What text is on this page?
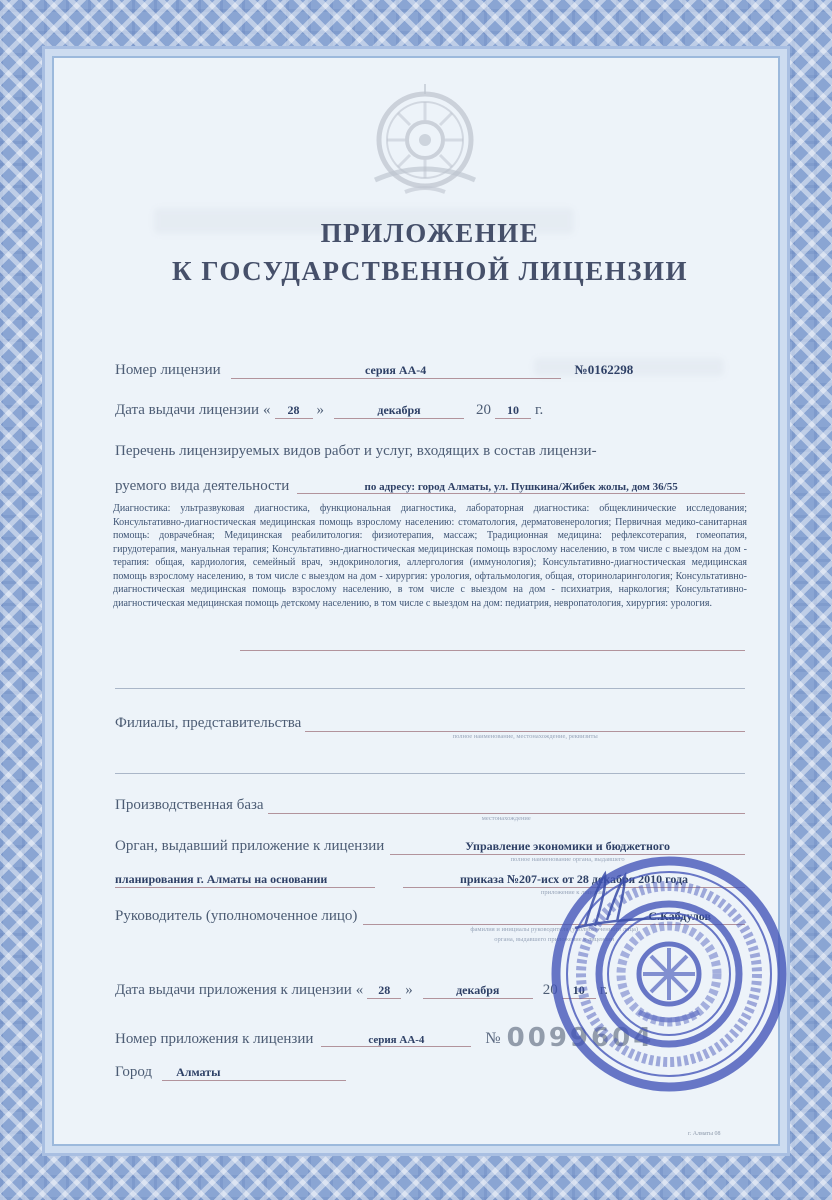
ПРИЛОЖЕНИЕ
К ГОСУДАРСТВЕННОЙ ЛИЦЕНЗИИ
Номер лицензии	серия АА-4	№0162298
Дата выдачи лицензии «	28	»	декабря	20	10	г.
Перечень лицензируемых видов работ и услуг, входящих в состав лицензи-
руемого вида деятельности	по адресу: город Алматы, ул. Пушкина/Жибек жолы, дом 36/55
Диагностика: ультразвуковая диагностика, функциональная диагностика, лабораторная диагностика: общеклинические исследования; Консультативно-диагностическая медицинская помощь взрослому населению: стоматология, дерматовенерология; Первичная медико-санитарная помощь: доврачебная; Медицинская реабилитология: физиотерапия, массаж; Традиционная медицина: рефлексотерапия, гомеопатия, гирудотерапия, мануальная терапия; Консультативно-диагностическая медицинская помощь взрослому населению, в том числе с выездом на дом - терапия: общая, кардиология, семейный врач, эндокринология, аллергология (иммунология); Консультативно-диагностическая медицинская помощь взрослому населению, в том числе с выездом на дом - хирургия: урология, офтальмология, общая, оториноларингология; Консультативно-диагностическая медицинская помощь взрослому населению, в том числе с выездом на дом - психиатрия, наркология; Консультативно-диагностическая медицинская помощь детскому населению, в том числе с выездом на дом: педиатрия, невропатология, хирургия: урология.
Филиалы, представительства

полное наименование, местонахождение, реквизиты
Производственная база

местонахождение
Орган, выдавший приложение к лицензии	Управление экономики и бюджетного
полное наименование органа, выдавшего
планирования г. Алматы на основании	приказа №207-исх от 28 декабря 2010 года
приложение к лицензии
Руководитель (уполномоченное лицо)	С.Кабдулов
фамилия и инициалы руководителя (уполномоченного лица)
органа, выдавшего приложение к лицензии
Дата выдачи приложения к лицензии «	28	»	декабря	20	10	г.
Номер приложения к лицензии	серия АА-4	№ 0099604
Город	Алматы
г. Алматы 08
